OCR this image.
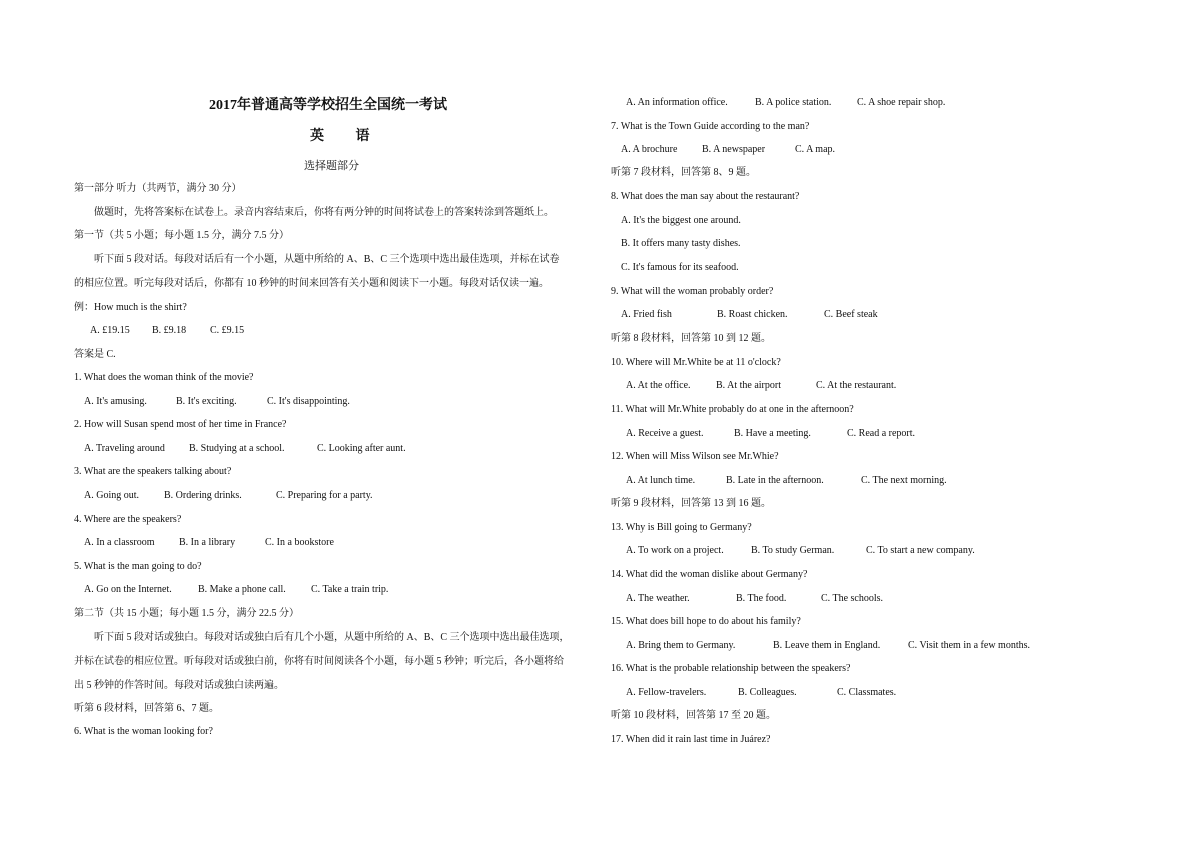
2017年普通高等学校招生全国统一考试
英 语
选择题部分
第一部分 听力（共两节，满分 30 分）
做题时，先将答案标在试卷上。录音内容结束后，你将有两分钟的时间将试卷上的答案转涂到答题纸上。
第一节（共 5 小题；每小题 1.5 分，满分 7.5 分）
听下面 5 段对话。每段对话后有一个小题，从题中所给的 A、B、C 三个选项中选出最佳选项，并标在试卷
的相应位置。听完每段对话后，你都有 10 秒钟的时间来回答有关小题和阅读下一小题。每段对话仅读一遍。
例：How much is the shirt?
A. £19.15 B. £9.18 C. £9.15
答案是 C.
1. What does the woman think of the movie?
A. It's amusing.	B. It's exciting.	C. It's disappointing.
2. How will Susan spend most of her time in France?
A. Traveling around B. Studying at a school.	C. Looking after aunt.
3. What are the speakers talking about?
A. Going out.	B. Ordering drinks.	C. Preparing for a party.
4. Where are the speakers?
A. In a classroom B. In a library	C. In a bookstore
5. What is the man going to do?
A. Go on the Internet.	B. Make a phone call.	C. Take a train trip.
第二节（共 15 小题；每小题 1.5 分，满分 22.5 分）
听下面 5 段对话或独白。每段对话或独白后有几个小题，从题中所给的 A、B、C 三个选项中选出最佳选项，
并标在试卷的相应位置。听每段对话或独白前，你将有时间阅读各个小题，每小题 5 秒钟；听完后，各小题将给
出 5 秒钟的作答时间。每段对话或独白读两遍。
听第 6 段材料，回答第 6、7 题。
6. What is the woman looking for?
A. An information office.	B. A police station.	C. A shoe repair shop.
7. What is the Town Guide according to the man?
A. A brochure B. A newspaper	C. A map.
听第 7 段材料，回答第 8、9 题。
8. What does the man say about the restaurant?
A. It's the biggest one around.
B. It offers many tasty dishes.
C. It's famous for its seafood.
9. What will the woman probably order?
A. Fried fish	B. Roast chicken.	C. Beef steak
听第 8 段材料，回答第 10 到 12 题。
10. Where will Mr.White be at 11 o'clock?
A. At the office.	B. At the airport	C. At the restaurant.
11. What will Mr.White probably do at one in the afternoon?
A. Receive a guest.	B. Have a meeting.	C. Read a report.
12. When will Miss Wilson see Mr.Whie?
A. At lunch time.	B. Late in the afternoon.	C. The next morning.
听第 9 段材料，回答第 13 到 16 题。
13. Why is Bill going to Germany?
A. To work on a project.	B. To study German.	C. To start a new company.
14. What did the woman dislike about Germany?
A. The weather.	B. The food.	C. The schools.
15. What does bill hope to do about his family?
A. Bring them to Germany.	B. Leave them in England.	C. Visit them in a few months.
16. What is the probable relationship between the speakers?
A. Fellow-travelers.	B. Colleagues.	C. Classmates.
听第 10 段材料，回答第 17 至 20 题。
17. When did it rain last time in Juárez?
